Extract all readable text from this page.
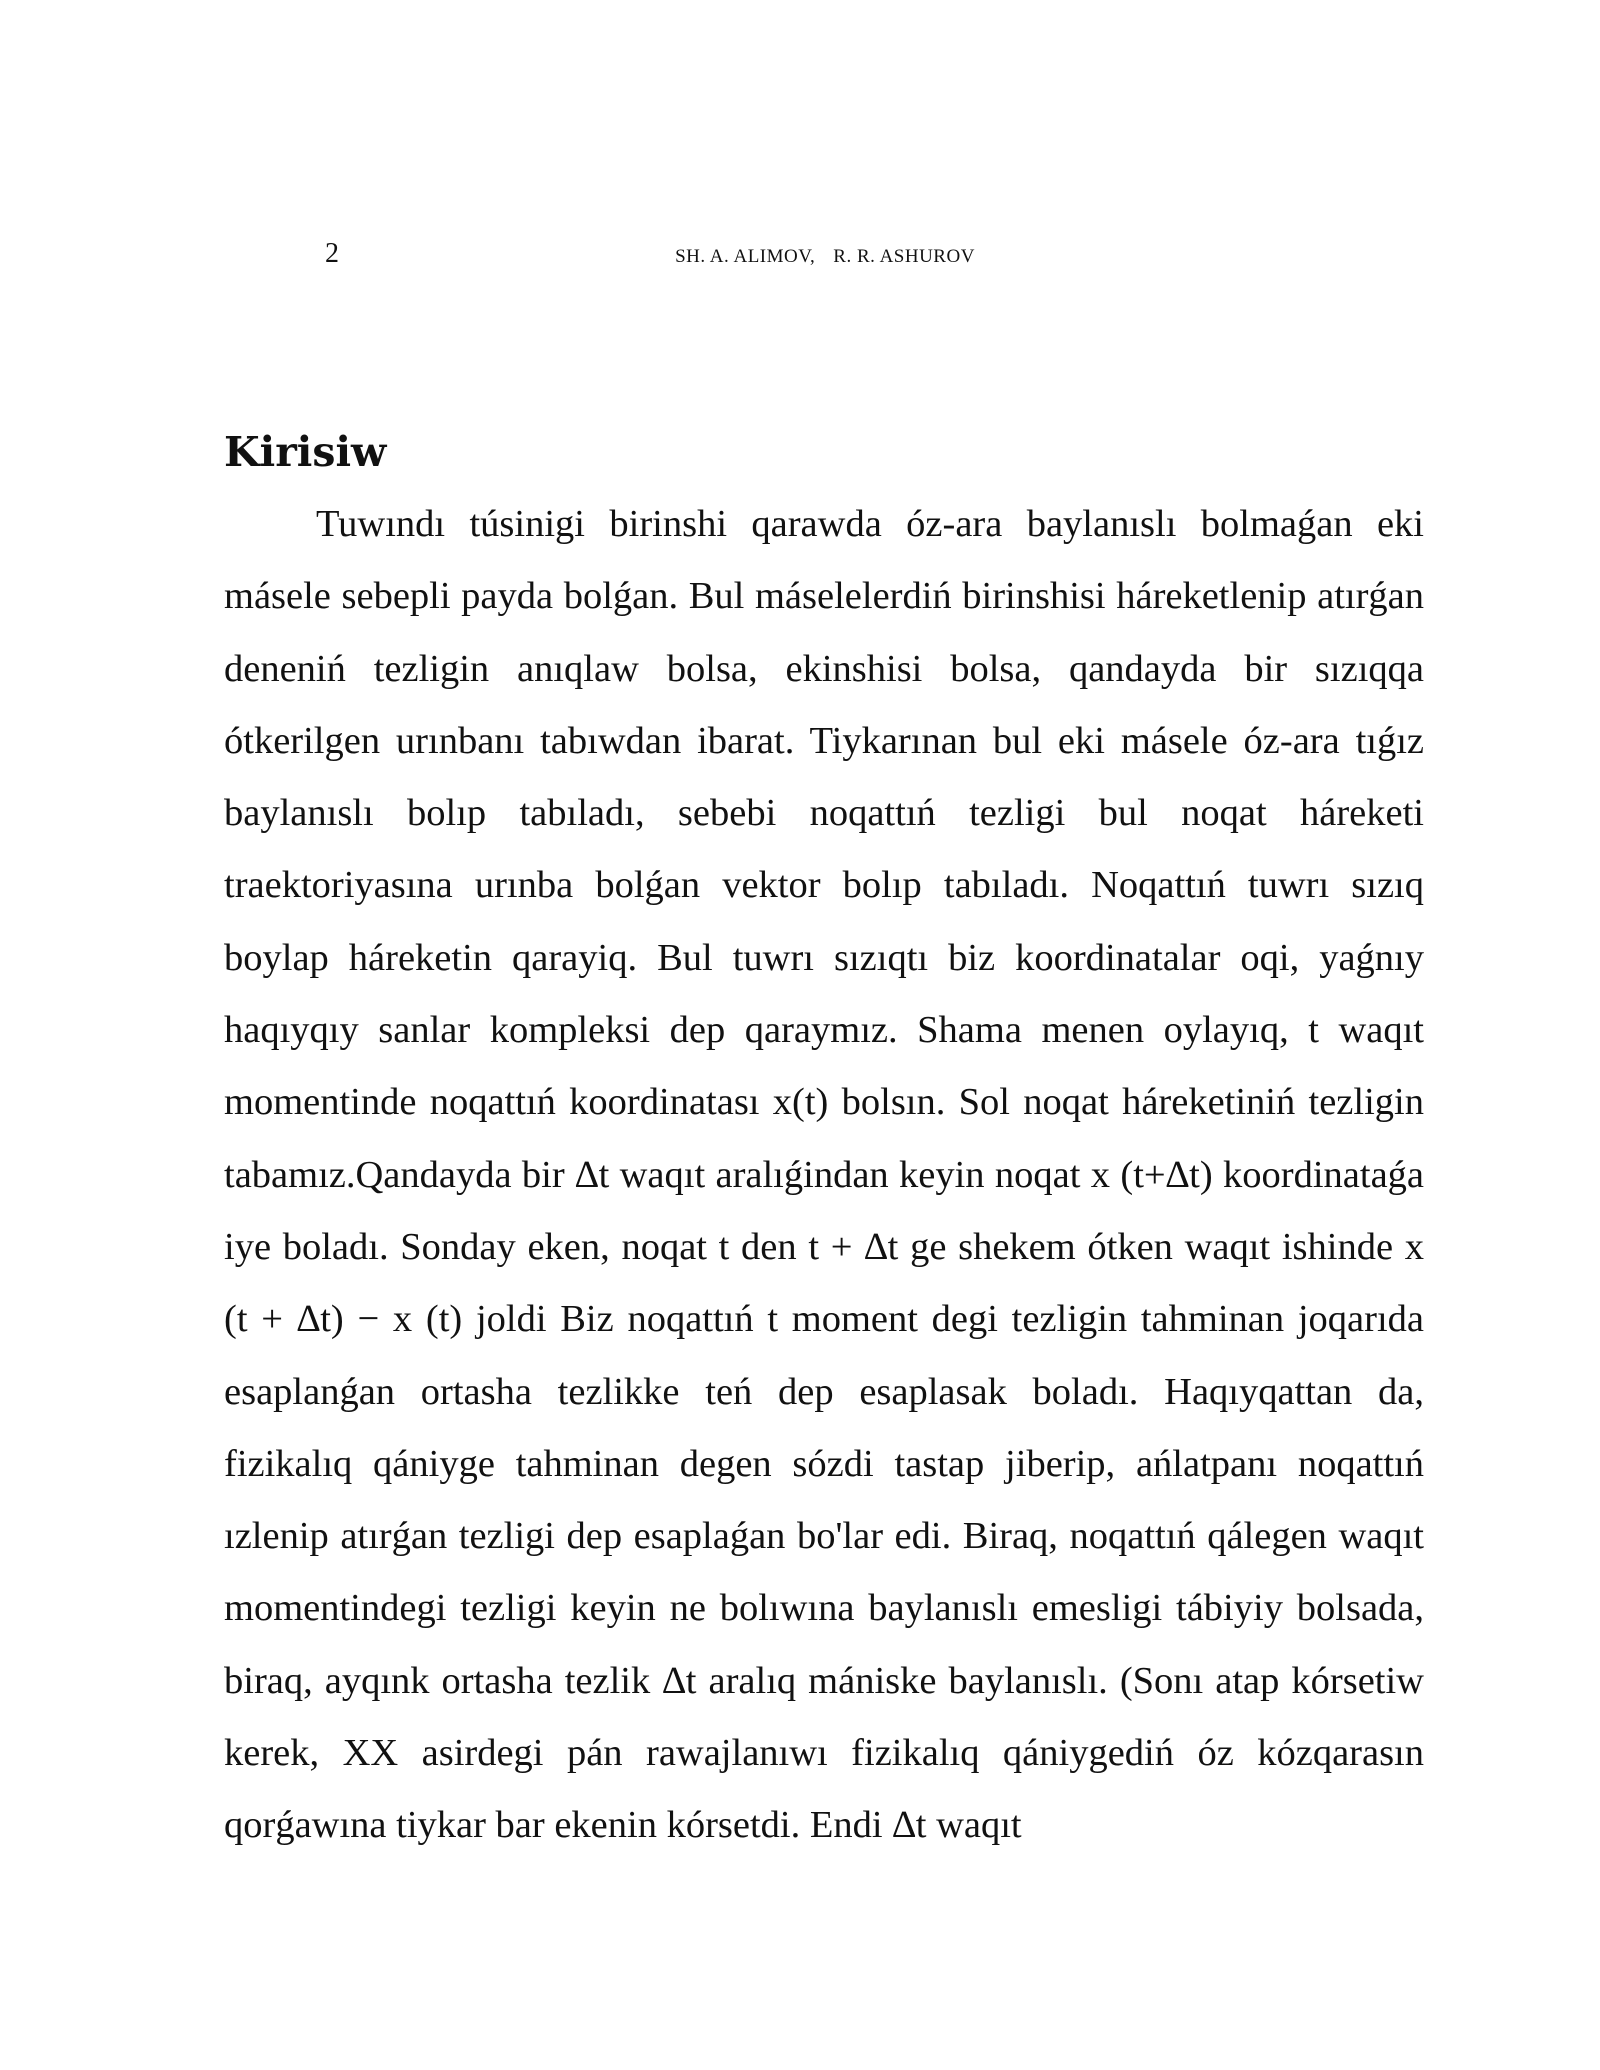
2	SH. A. ALIMOV, R. R. ASHUROV
Kirisiw

Tuwındı túsinigi birinshi qarawda óz-ara baylanıslı bolmaǵan eki másele sebepli payda bolǵan. Bul máselelerdiń birinshisi háreketlenip atırǵan deneniń tezligin anıqlaw bolsa, ekinshisi bolsa, qandayda bir sızıqqa ótkerilgen urınbanı tabıwdan ibarat. Tiykarınan bul eki másele óz-ara tıǵız baylanıslı bolıp tabıladı, sebebi noqattıń tezligi bul noqat háreketi traektoriyasına urınba bolǵan vektor bolıp tabıladı. Noqattıń tuwrı sızıq boylap háreketin qarayiq. Bul tuwrı sızıqtı biz koordinatalar oqi, yaǵnıy haqıyqıy sanlar kompleksi dep qaraymız. Shama menen oylayıq, t waqıt momentinde noqattıń koordinatası x(t) bolsın. Sol noqat háreketiniń tezligin tabamız.Qandayda bir ∆t waqıt aralıǵindan keyin noqat x (t+∆t) koordinataǵa iye boladı. Sonday eken, noqat t den t + ∆t ge shekem ótken waqıt ishinde x (t + ∆t) − x (t) joldi Biz noqattıń t moment degi tezligin tahminan joqarıda esaplanǵan ortasha tezlikke teń dep esaplasak boladı. Haqıyqattan da, fizikalıq qániyge tahminan degen sózdi tastap jiberip, ańlatpanı noqattıń ızlenip atırǵan tezligi dep esaplaǵan bo'lar edi. Biraq, noqattıń qálegen waqıt momentindegi tezligi keyin ne bolıwına baylanıslı emesligi tábiyiy bolsada, biraq, ayqınk ortasha tezlik ∆t aralıq mániske baylanıslı. (Sonı atap kórsetiw kerek, XX asirdegi pán rawajlanıwı fizikalıq qániygediń óz kózqarasın qorǵawına tiykar bar ekenin kórsetdi. Endi ∆t waqıt
